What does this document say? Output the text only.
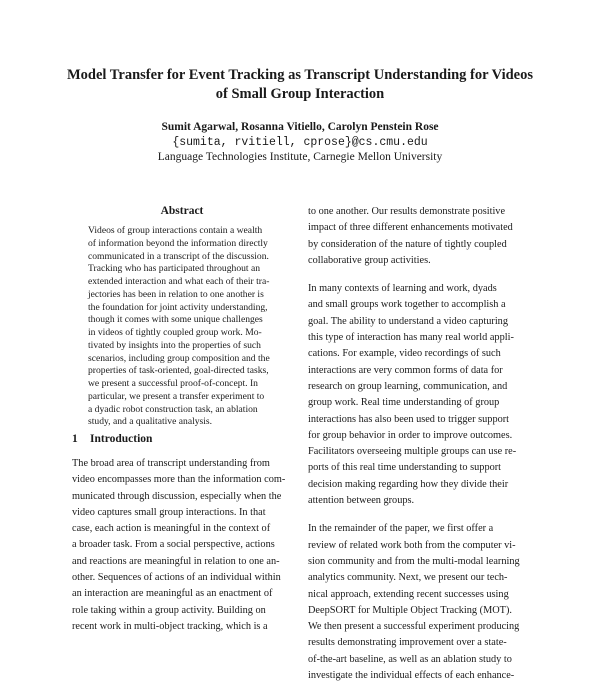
Model Transfer for Event Tracking as Transcript Understanding for Videos
of Small Group Interaction
Sumit Agarwal, Rosanna Vitiello, Carolyn Penstein Rose
{sumita, rvitiell, cprose}@cs.cmu.edu
Language Technologies Institute, Carnegie Mellon University
Abstract
Videos of group interactions contain a wealth
of information beyond the information directly
communicated in a transcript of the discussion.
Tracking who has participated throughout an
extended interaction and what each of their tra-
jectories has been in relation to one another is
the foundation for joint activity understanding,
though it comes with some unique challenges
in videos of tightly coupled group work. Mo-
tivated by insights into the properties of such
scenarios, including group composition and the
properties of task-oriented, goal-directed tasks,
we present a successful proof-of-concept. In
particular, we present a transfer experiment to
a dyadic robot construction task, an ablation
study, and a qualitative analysis.
1 Introduction
The broad area of transcript understanding from
video encompasses more than the information com-
municated through discussion, especially when the
video captures small group interactions. In that
case, each action is meaningful in the context of
a broader task. From a social perspective, actions
and reactions are meaningful in relation to one an-
other. Sequences of actions of an individual within
an interaction are meaningful as an enactment of
role taking within a group activity. Building on
recent work in multi-object tracking, which is a
to one another. Our results demonstrate positive
impact of three different enhancements motivated
by consideration of the nature of tightly coupled
collaborative group activities.
In many contexts of learning and work, dyads
and small groups work together to accomplish a
goal. The ability to understand a video capturing
this type of interaction has many real world appli-
cations. For example, video recordings of such
interactions are very common forms of data for
research on group learning, communication, and
group work. Real time understanding of group
interactions has also been used to trigger support
for group behavior in order to improve outcomes.
Facilitators overseeing multiple groups can use re-
ports of this real time understanding to support
decision making regarding how they divide their
attention between groups.
In the remainder of the paper, we first offer a
review of related work both from the computer vi-
sion community and from the multi-modal learning
analytics community. Next, we present our tech-
nical approach, extending recent successes using
DeepSORT for Multiple Object Tracking (MOT).
We then present a successful experiment producing
results demonstrating improvement over a state-
of-the-art baseline, as well as an ablation study to
investigate the individual effects of each enhance-
